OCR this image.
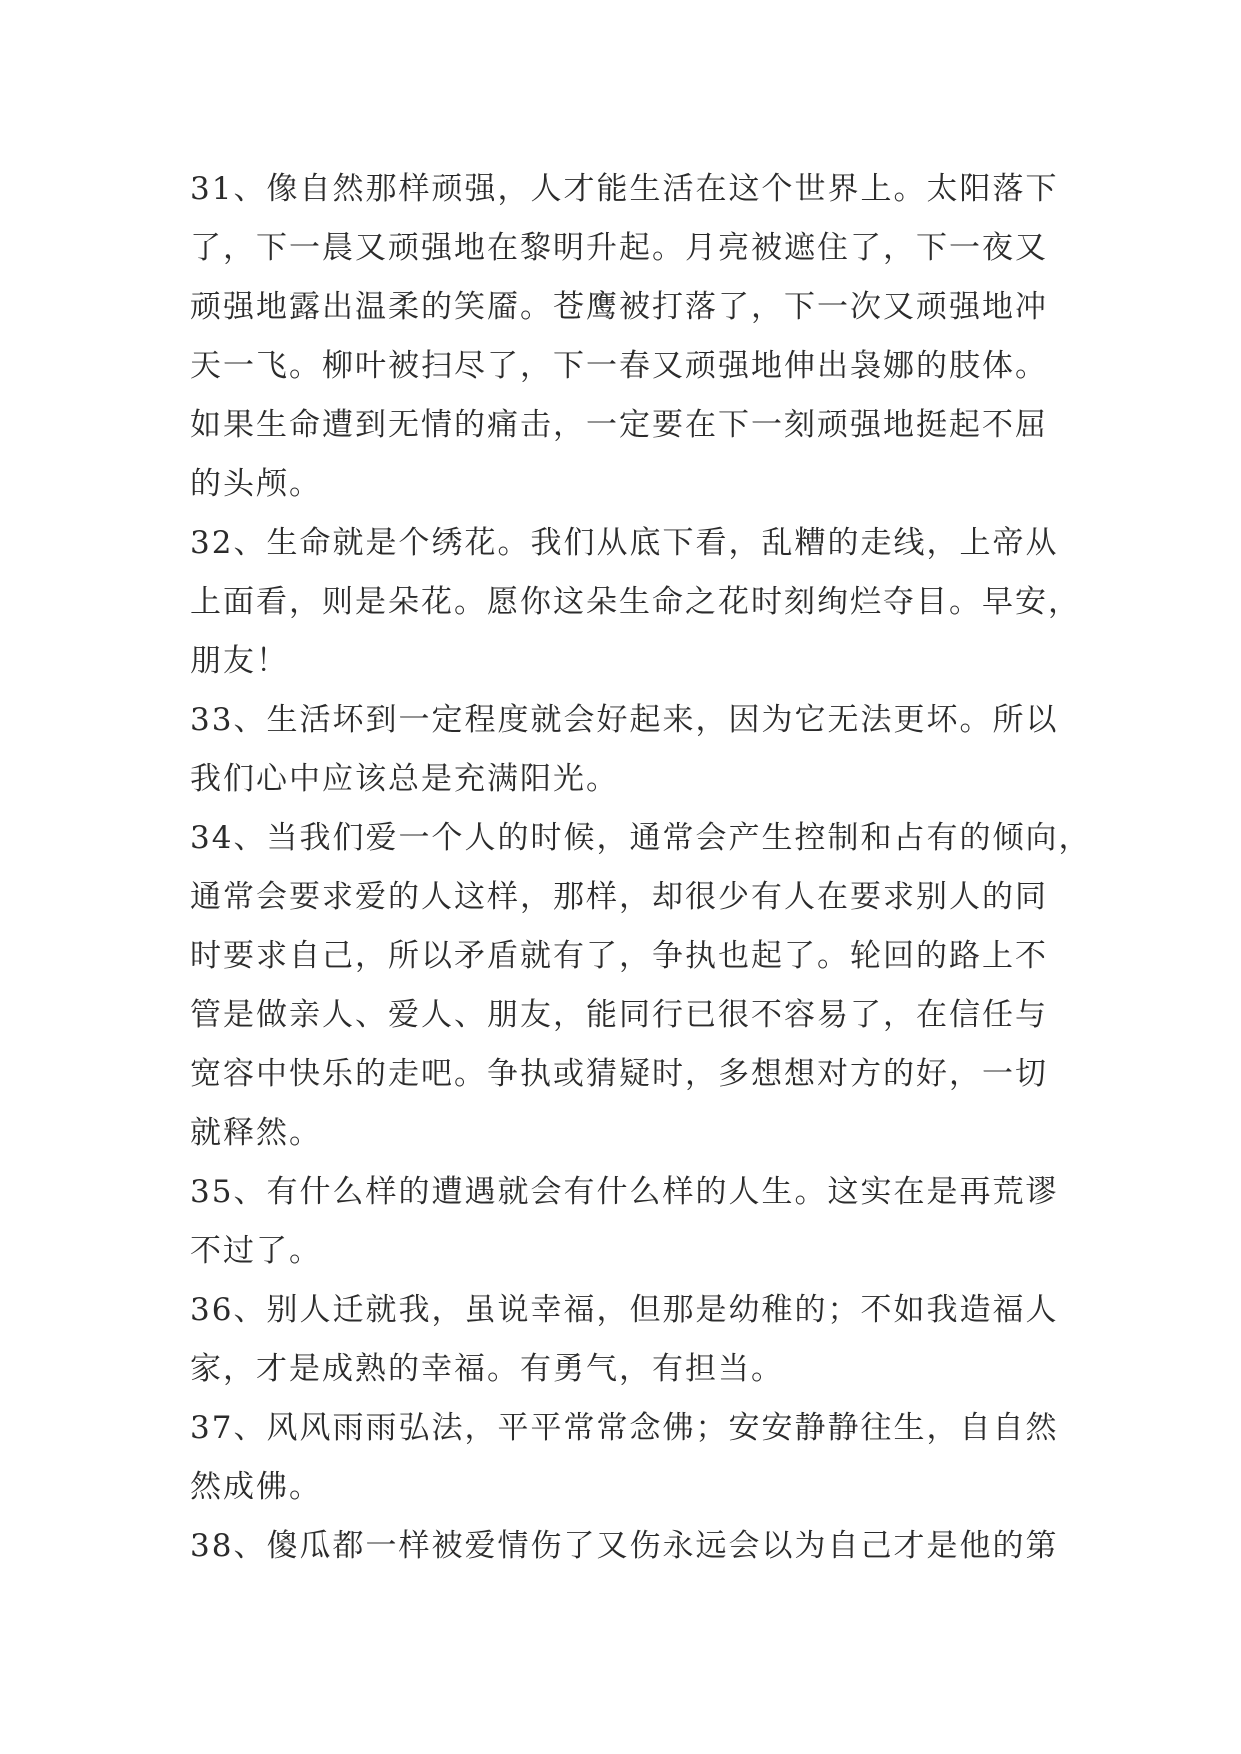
31、像自然那样顽强，人才能生活在这个世界上。太阳落下
了，下一晨又顽强地在黎明升起。月亮被遮住了，下一夜又
顽强地露出温柔的笑靥。苍鹰被打落了，下一次又顽强地冲
天一飞。柳叶被扫尽了，下一春又顽强地伸出袅娜的肢体。
如果生命遭到无情的痛击，一定要在下一刻顽强地挺起不屈
的头颅。
32、生命就是个绣花。我们从底下看，乱糟的走线，上帝从
上面看，则是朵花。愿你这朵生命之花时刻绚烂夺目。早安，
朋友！
33、生活坏到一定程度就会好起来，因为它无法更坏。所以
我们心中应该总是充满阳光。
34、当我们爱一个人的时候，通常会产生控制和占有的倾向，
通常会要求爱的人这样，那样，却很少有人在要求别人的同
时要求自己，所以矛盾就有了，争执也起了。轮回的路上不
管是做亲人、爱人、朋友，能同行已很不容易了，在信任与
宽容中快乐的走吧。争执或猜疑时，多想想对方的好，一切
就释然。
35、有什么样的遭遇就会有什么样的人生。这实在是再荒谬
不过了。
36、别人迁就我，虽说幸福，但那是幼稚的；不如我造福人
家，才是成熟的幸福。有勇气，有担当。
37、风风雨雨弘法，平平常常念佛；安安静静往生，自自然
然成佛。
38、傻瓜都一样被爱情伤了又伤永远会以为自己才是他的第
